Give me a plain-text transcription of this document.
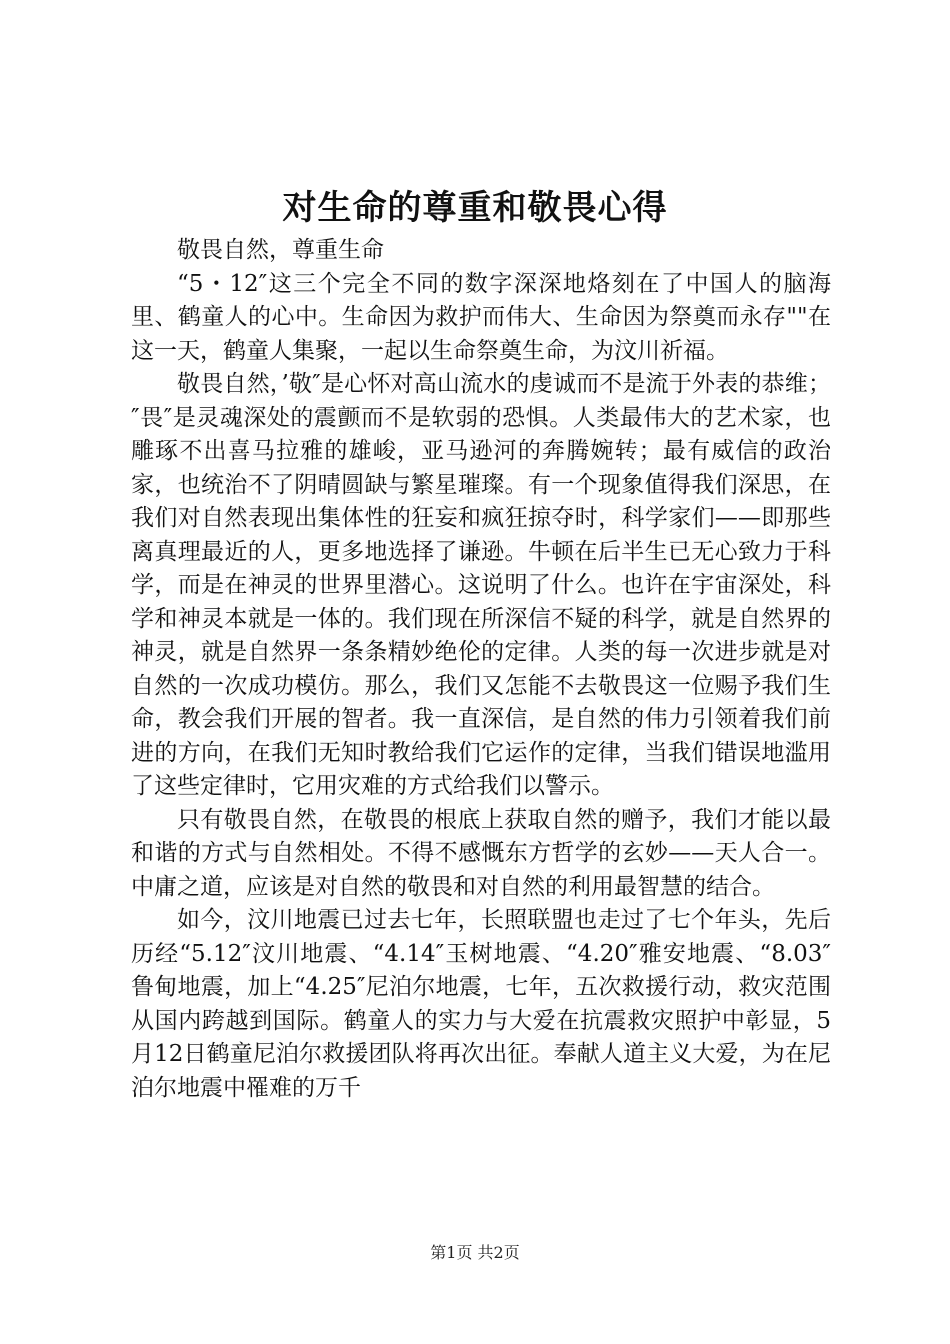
对生命的尊重和敬畏心得

敬畏自然，尊重生命

“5・12″这三个完全不同的数字深深地烙刻在了中国人的脑海里、鹤童人的心中。生命因为救护而伟大、生命因为祭奠而永存""在这一天，鹤童人集聚，一起以生命祭奠生命，为汶川祈福。

敬畏自然，’敬″是心怀对高山流水的虔诚而不是流于外表的恭维；″畏″是灵魂深处的震颤而不是软弱的恐惧。人类最伟大的艺术家，也雕琢不出喜马拉雅的雄峻，亚马逊河的奔腾婉转；最有威信的政治家，也统治不了阴晴圆缺与繁星璀璨。有一个现象值得我们深思，在我们对自然表现出集体性的狂妄和疯狂掠夺时，科学家们——即那些离真理最近的人，更多地选择了谦逊。牛顿在后半生已无心致力于科学，而是在神灵的世界里潜心。这说明了什么。也许在宇宙深处，科学和神灵本就是一体的。我们现在所深信不疑的科学，就是自然界的神灵，就是自然界一条条精妙绝伦的定律。人类的每一次进步就是对自然的一次成功模仿。那么，我们又怎能不去敬畏这一位赐予我们生命，教会我们开展的智者。我一直深信，是自然的伟力引领着我们前进的方向，在我们无知时教给我们它运作的定律，当我们错误地滥用了这些定律时，它用灾难的方式给我们以警示。

只有敬畏自然，在敬畏的根底上获取自然的赠予，我们才能以最和谐的方式与自然相处。不得不感慨东方哲学的玄妙——天人合一。中庸之道，应该是对自然的敬畏和对自然的利用最智慧的结合。

如今，汶川地震已过去七年，长照联盟也走过了七个年头，先后历经“5.12″汶川地震、“4.14″玉树地震、“4.20″雅安地震、“8.03″鲁甸地震，加上“4.25″尼泊尔地震，七年，五次救援行动，救灾范围从国内跨越到国际。鹤童人的实力与大爱在抗震救灾照护中彰显，5月12日鹤童尼泊尔救援团队将再次出征。奉献人道主义大爱，为在尼泊尔地震中罹难的万千

第1页 共2页
